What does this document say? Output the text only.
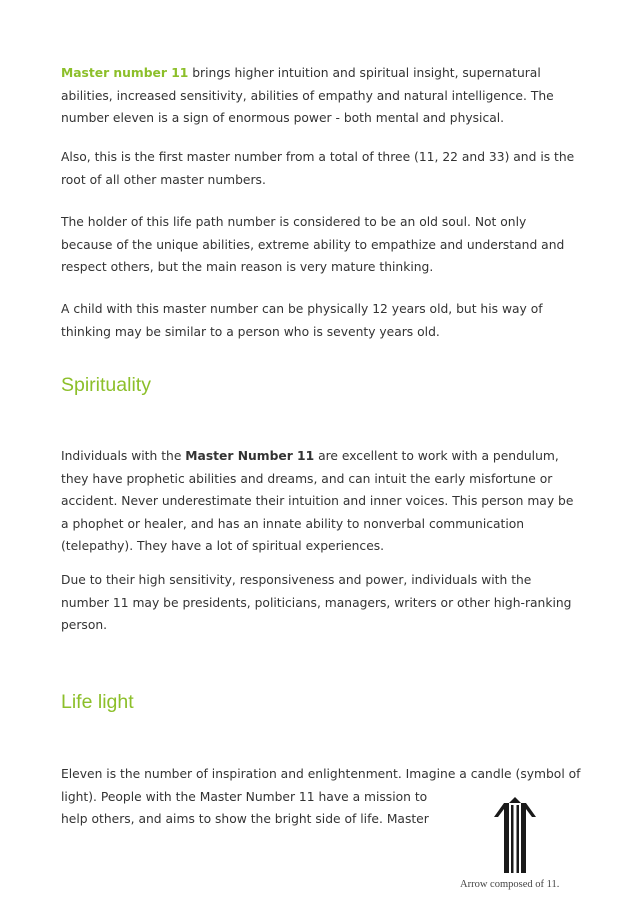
Master number 11 brings higher intuition and spiritual insight, supernatural abilities, increased sensitivity, abilities of empathy and natural intelligence. The number eleven is a sign of enormous power - both mental and physical.

Also, this is the first master number from a total of three (11, 22 and 33) and is the root of all other master numbers.

The holder of this life path number is considered to be an old soul. Not only because of the unique abilities, extreme ability to empathize and understand and respect others, but the main reason is very mature thinking.

A child with this master number can be physically 12 years old, but his way of thinking may be similar to a person who is seventy years old.

Spirituality

Individuals with the Master Number 11 are excellent to work with a pendulum, they have prophetic abilities and dreams, and can intuit the early misfortune or accident. Never underestimate their intuition and inner voices. This person may be a phophet or healer, and has an innate ability to nonverbal communication (telepathy). They have a lot of spiritual experiences.

Due to their high sensitivity, responsiveness and power, individuals with the number 11 may be presidents, politicians, managers, writers or other high-ranking person.

Life light

Eleven is the number of inspiration and enlightenment. Imagine a candle (symbol of
light). People with the Master Number 11 have a mission to
help others, and aims to show the bright side of life. Master

Arrow composed of 11.
